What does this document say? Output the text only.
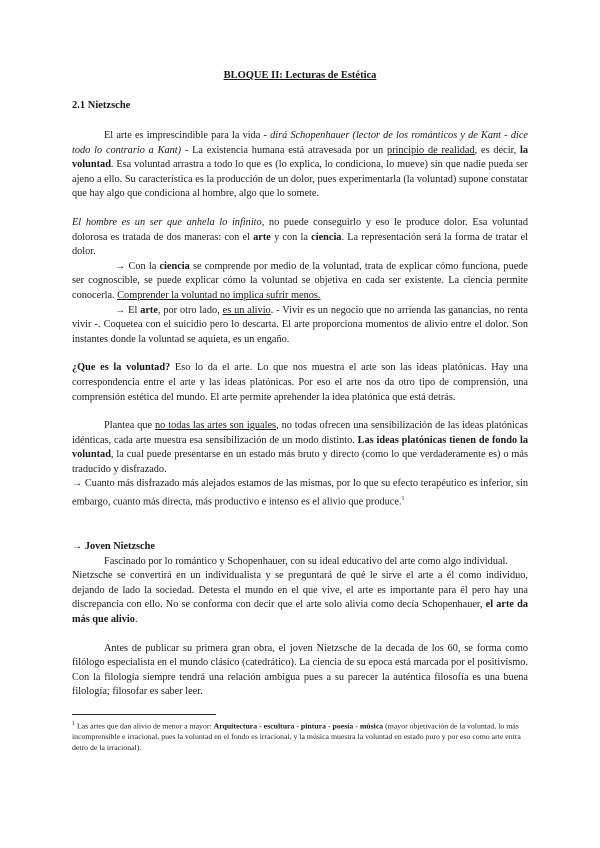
BLOQUE II: Lecturas de Estética
2.1 Nietzsche

El arte es imprescindible para la vida - dirá Schopenhauer (lector de los románticos y de Kant - dice todo lo contrario a Kant) - La existencia humana está atravesada por un principio de realidad, es decir, la voluntad. Esa voluntad arrastra a todo lo que es (lo explica, lo condiciona, lo mueve) sin que nadie pueda ser ajeno a ello. Su característica es la producción de un dolor, pues experimentarla (la voluntad) supone constatar que hay algo que condiciona al hombre, algo que lo somete.

El hombre es un ser que anhela lo infinito, no puede conseguirlo y eso le produce dolor. Esa voluntad dolorosa es tratada de dos maneras: con el arte y con la ciencia. La representación será la forma de tratar el dolor.

→ Con la ciencia se comprende por medio de la voluntad, trata de explicar cómo funciona, puede ser cognoscible, se puede explicar cómo la voluntad se objetiva en cada ser existente. La ciencia permite conocerla. Comprender la voluntad no implica sufrir menos.

→ El arte, por otro lado, es un alivio. - Vivir es un negocio que no arrienda las ganancias, no renta vivir -. Coquetea con el suicidio pero lo descarta. El arte proporciona momentos de alivio entre el dolor. Son instantes donde la voluntad se aquieta, es un engaño.

¿Que es la voluntad? Eso lo da el arte. Lo que nos muestra el arte son las ideas platónicas. Hay una correspondencia entre el arte y las ideas platónicas. Por eso el arte nos da otro tipo de comprensión, una comprensión estética del mundo. El arte permite aprehender la idea platónica que está detrás.

Plantea que no todas las artes son iguales, no todas ofrecen una sensibilización de las ideas platónicas idénticas, cada arte muestra esa sensibilización de un modo distinto. Las ideas platónicas tienen de fondo la voluntad, la cual puede presentarse en un estado más bruto y directo (como lo que verdaderamente es) o más traducido y disfrazado.

→ Cuanto más disfrazado más alejados estamos de las mismas, por lo que su efecto terapéutico es inferior, sin embargo, cuanto más directa, más productivo e intenso es el alivio que produce.$^1$

→ Joven Nietzsche

Fascinado por lo romántico y Schopenhauer, con su ideal educativo del arte como algo individual.

Nietzsche se convertirá en un individualista y se preguntará de qué le sirve el arte a él como individuo, dejando de lado la sociedad. Detesta el mundo en el que vive, el arte es importante para él pero hay una discrepancia con ello. No se conforma con decir que el arte solo alivia como decía Schopenhauer, el arte da más que alivio.

Antes de publicar su primera gran obra, el joven Nietzsche de la decada de los 60, se forma como filólogo especialista en el mundo clásico (catedrático). La ciencia de su epoca está marcada por el positivismo. Con la filología siempre tendrá una relación ambigua pues a su parecer la auténtica filosofía es una buena filología; filosofar es saber leer.

$^1$ Las artes que dan alivio de menor a mayor: Arquitectura - escultura - pintura - poesía - música (mayor objetivación de la voluntad, lo más incomprensible e irracional, pues la voluntad en el fondo es irracional, y la música muestra la voluntad en estado puro y por eso como arte entra detro de la irracional).
